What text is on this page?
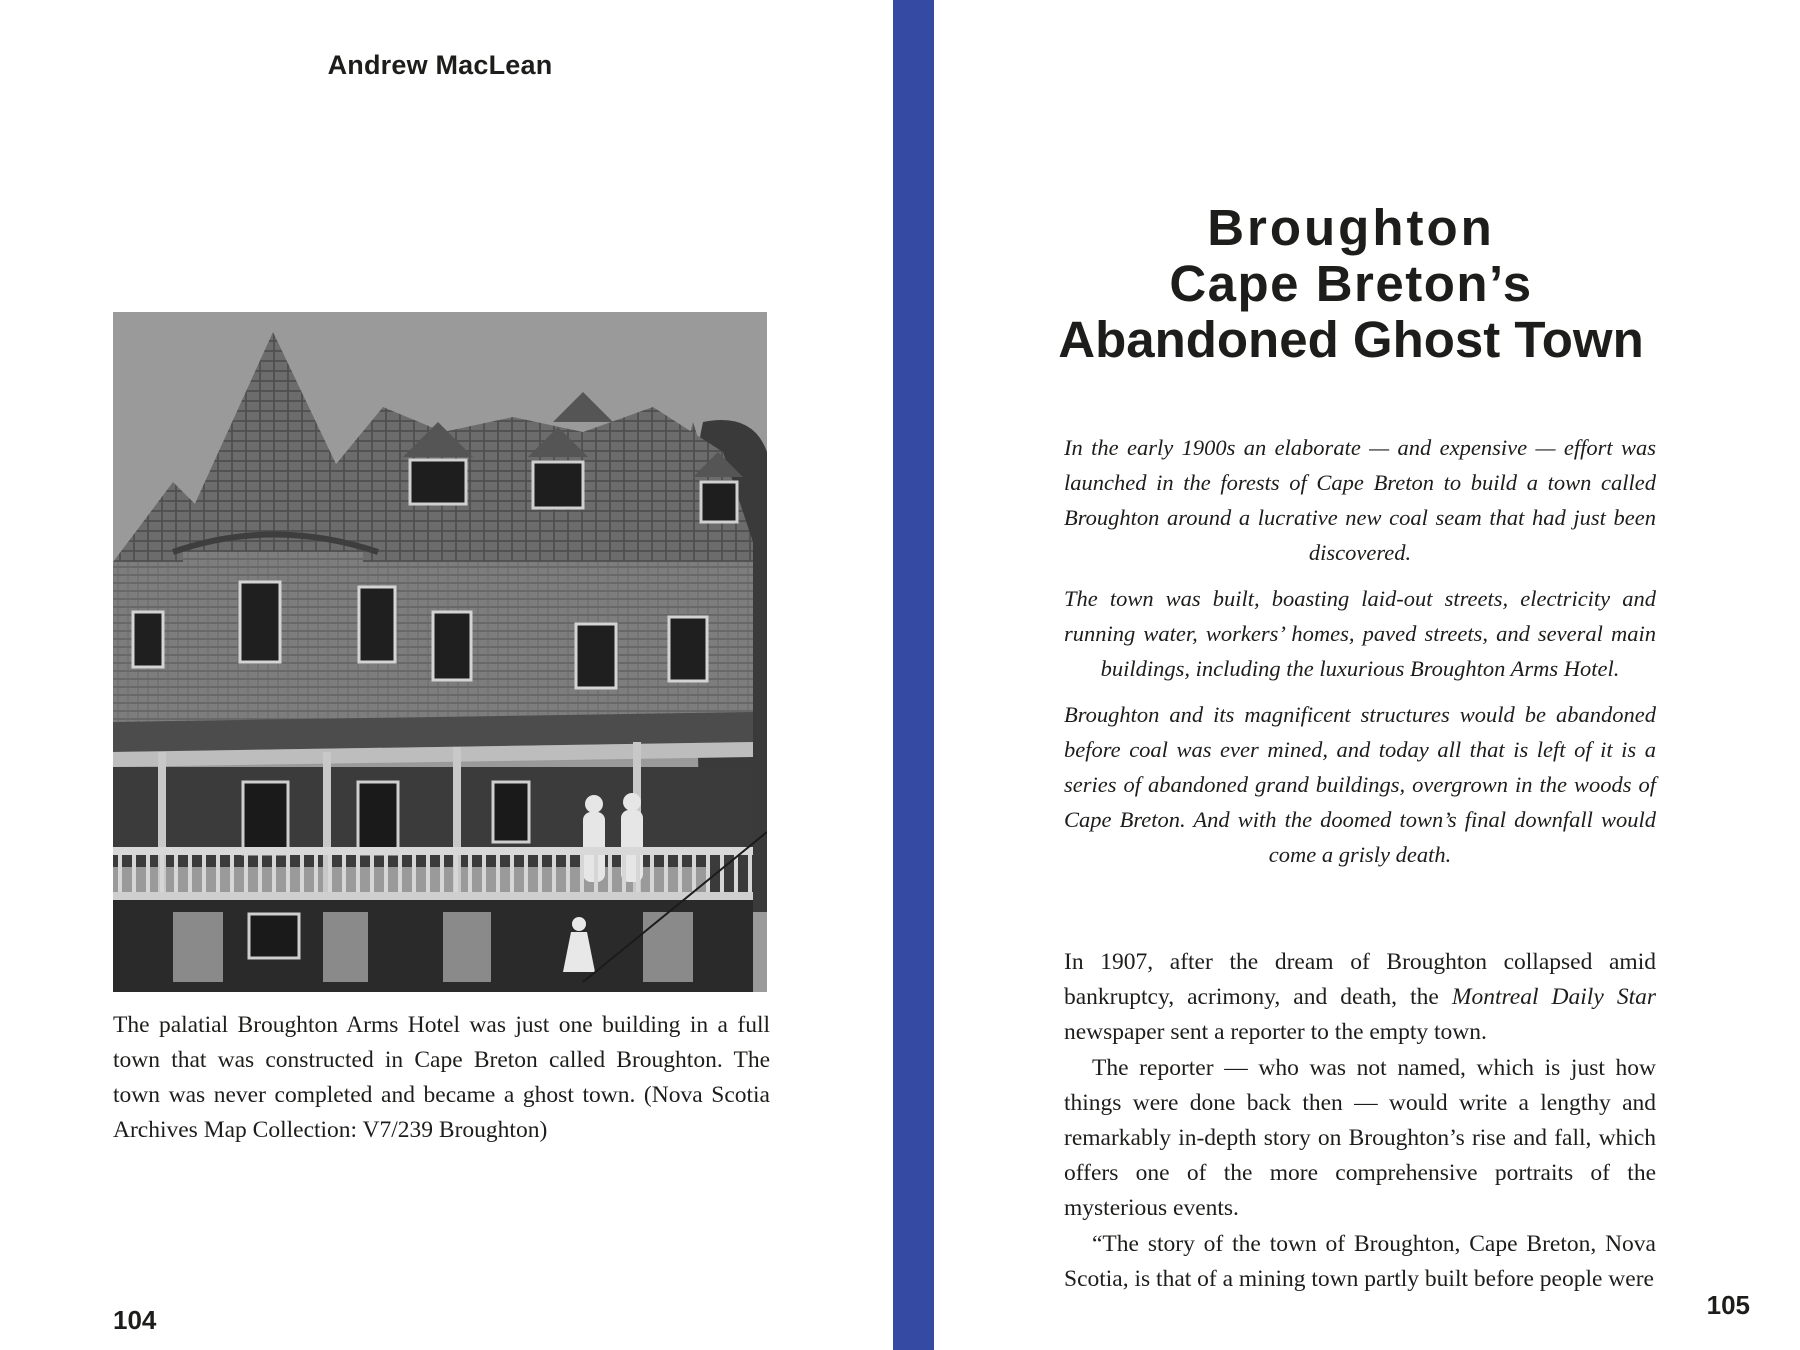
Andrew MacLean
The palatial Broughton Arms Hotel was just one building in a full town that was constructed in Cape Breton called Broughton. The town was never completed and became a ghost town. (Nova Scotia Archives Map Collection: V7/239 Broughton)
104
Broughton
Cape Breton’s
Abandoned Ghost Town

In the early 1900s an elaborate — and expensive — effort was launched in the forests of Cape Breton to build a town called Broughton around a lucrative new coal seam that had just been discovered.

The town was built, boasting laid-out streets, electricity and running water, workers’ homes, paved streets, and several main buildings, including the luxurious Broughton Arms Hotel.

Broughton and its magnificent structures would be abandoned before coal was ever mined, and today all that is left of it is a series of abandoned grand buildings, overgrown in the woods of Cape Breton. And with the doomed town’s final downfall would come a grisly death.

In 1907, after the dream of Broughton collapsed amid bankruptcy, acrimony, and death, the Montreal Daily Star newspaper sent a reporter to the empty town.

The reporter — who was not named, which is just how things were done back then — would write a lengthy and remarkably in-depth story on Broughton’s rise and fall, which offers one of the more comprehensive portraits of the mysterious events.

“The story of the town of Broughton, Cape Breton, Nova Scotia, is that of a mining town partly built before people were

105
